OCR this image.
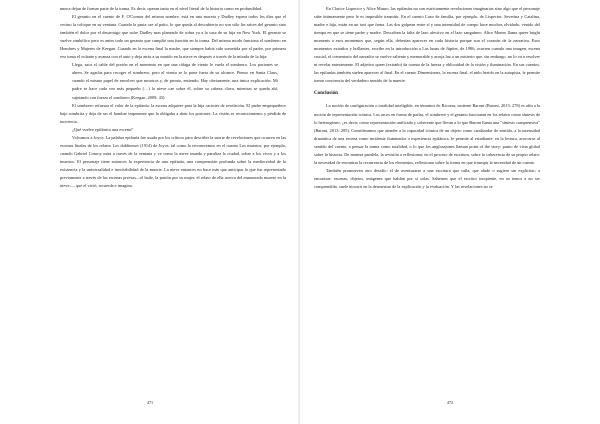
nunca dejan de formar parte de la trama. Es decir, operan tanto en el nivel literal de la historia como en profundidad.

El geranio en el cuento de F. O'Connor del mismo nombre, está en una maceta y Dudley espera todos los días que el vecino la coloque en su ventana. Cuando la pasta cae al patio, lo que queda al descubierto no son sólo las raíces del geranio sino también el dolor por el desarraigo que sufre Dudley mas planeado de sobra ya a la casa de su hija en New York. El geranio se vuelve simbólico pero es antes todo un geranio que cumplió una función en la trama. Del mismo modo funciona el sombrero en Hombres y Mujeres de Keegan. Cuando en la escena final la madre, que siempre había sido sometida por el padre, por primera vez toma el volante y avanza con el auto y deja atrás a su marido en la nieve es después a través de la mirada de la hija:

Llega, saca el cable del portón en el momento en que una ráfaga de viento le vuela el sombrero. Los portones se abren. Se agacha para recoger el sombrero, pero el viento se lo pone fuera de su alcance. Pienso en Santa Claus, cuando el mismo papel de envolver que nosotros y, de pronto, entiendo. Hay obviamente, una única explicación. Mi padre se hace cada vez más pequeño (…) la nieve cae sobre él, sobre su cabeza clava, mientras se queda ahí, sujetando con fuerza el sombrero (Keegan, 2009: 43)

El sombrero refuerza el valor de la epifanía: la escena adquiere para la hija carácter de revelación. El padre empequeñece bajo sombrita y deja de ser el hombre imponente que la obligaba a abrir los portones. La visión es reconocimiento y pérdida de inocencia.

¿Qué vuelve epifánica una escena?

Volvamos a Joyce. La palabra epifanía fue usada por los críticos para describir la suerte de revelaciones que ocurren en las escenas finales de los relatos Los dublineses (1914) de Joyce, tal como la reconocemos en el cuento Los muertos, por ejemplo, cuando Gabriel Conroy mira a través de la ventana y ve como la nieve inunda y paraliza la ciudad, sobre a los vivos y a los muertos. El personaje tiene entonces la experiencia de una epifanía, una comprensión profunda sobre la mediocridad de la existencia y la universalidad e inevitabilidad de la muerte. La nieve entonces no hace más que anticipar lo que fue representado previamente a través de las escenas previas—el baile, la pasión por su mujer, el relato de ella acerca del enamorado muerto en la nieve—, que el vivió, recuerda e imagina.

471

En Clarice Lispector y Alice Munro, las epifanías no son estrictamente revelaciones imaginarias sino algo que el personaje sabe íntimamente pero le es imposible trasmitir. En el cuento Lazo de familia, por ejemplo, de Lispector, Severina y Catalina, madre e hija, están en un taxi que frena. Las dos golpean entre sí y una intensidad de cuerpo hace muchos olvidado, venido del tiempo en que se tiene padre y madre. Describen la falta de lazo afectivo en el lazo sanguíneo. Alice Munro llama queer bright moments a esos momentos que, según ella, deberían aparecer en cada historia porque son el corazón de la narrativa. Esos momentos extraños y brillantes, escribe en la introducción a Las lunas de Júpiter, de 1986, ocurren cuando una imagen, escena crucial, el comentario del narrador se vuelve saliente y memorable y arroja luz a un misterio que, sin embargo, no lo va a resolver ni revelar enteramente. El adjetivo queer (extraño) da cuenta de la fuerza y oblicuidad de la visión y iluminación. En sus cuentos, las epifanías también suelen aparecer al final. En el cuento Dimensiones, la escena final, el niño herido en la autopista, le permite tomar conciencia del verdadero sentido de la muerte.

Conclusión

La noción de configuración o totalidad inteligible, en términos de Ricoeur, sostiene Baroni (Baroni, 2013: 278) es afín a la noción de representación icónica. Los arcos en forma de parlas, el sombrero y el geranio funcionan en los relatos como síntesis de lo heterogéneo, ¿es decir, como representación unificada y coherente que llevan a lo que Baroni llama una "síntesis comprensiva" (Baroni, 2013: 285). Consideramos que atender a la capacidad icónica de un objeto como catalizador de sentido, a la intensidad dramática de una escena como incidente iluminador o experiencia epifánica, le permite al estudiante, en la lectura, acercarse al sentido del cuento, a pensar la trama como totalidad, o lo que los anglosajones llaman point of the story: punto de vista global sobre la historia. De manera paralela, la revisión a reflexionar, en el proceso de escritura, sobre la coherencia de su propio relato: la necesidad de encontrar la recurrencia de los elementos, reflexionar sobre la forma en que irrumpir la necesidad de un cuento.

También promueven otro desafío: el de aventurarse a una escritura que calla, que alude o sugiere sin explicitar; a encontrar: escenas, objetos, imágenes que hablan por sí solas. Sabemos que el escritor incipiente, en su temor a no ser comprendido, suele incurrir en la desmesura de la explicación y la evaluación. Y las revelaciones no se

472
